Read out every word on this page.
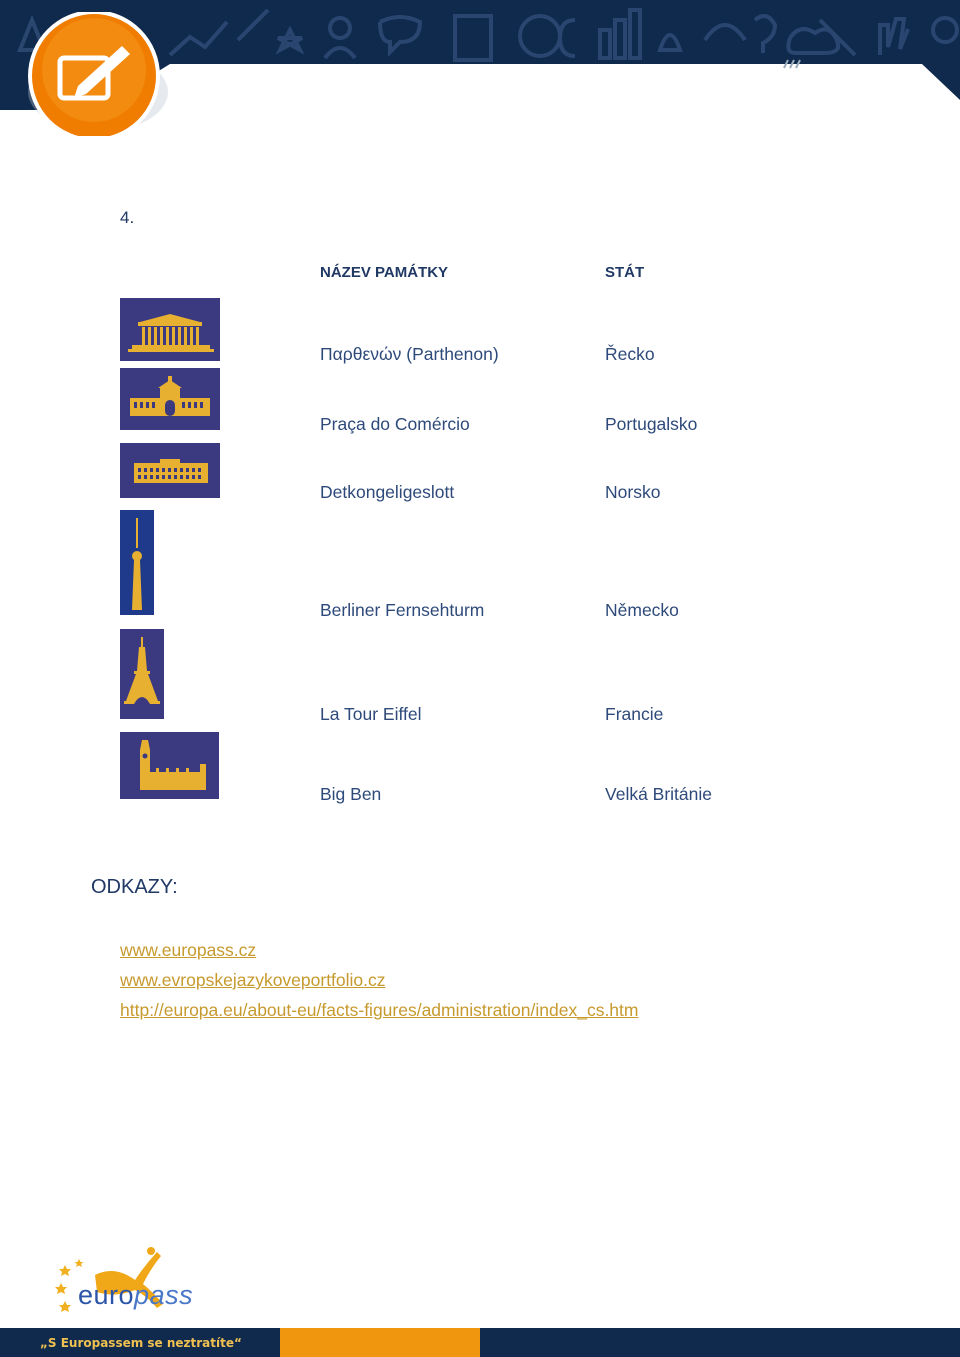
4.
NÁZEV PAMÁTKY	STÁT
Παρθενών (Parthenon)	Řecko
Praça do Comércio	Portugalsko
Detkongeligeslott	Norsko
Berliner Fernsehturm	Německo
La Tour Eiffel	Francie
Big Ben	Velká Británie
ODKAZY:
www.europass.cz
www.evropskejazykoveportfolio.cz
http://europa.eu/about-eu/facts-figures/administration/index_cs.htm
europass
„S Europassem se neztratíte“
